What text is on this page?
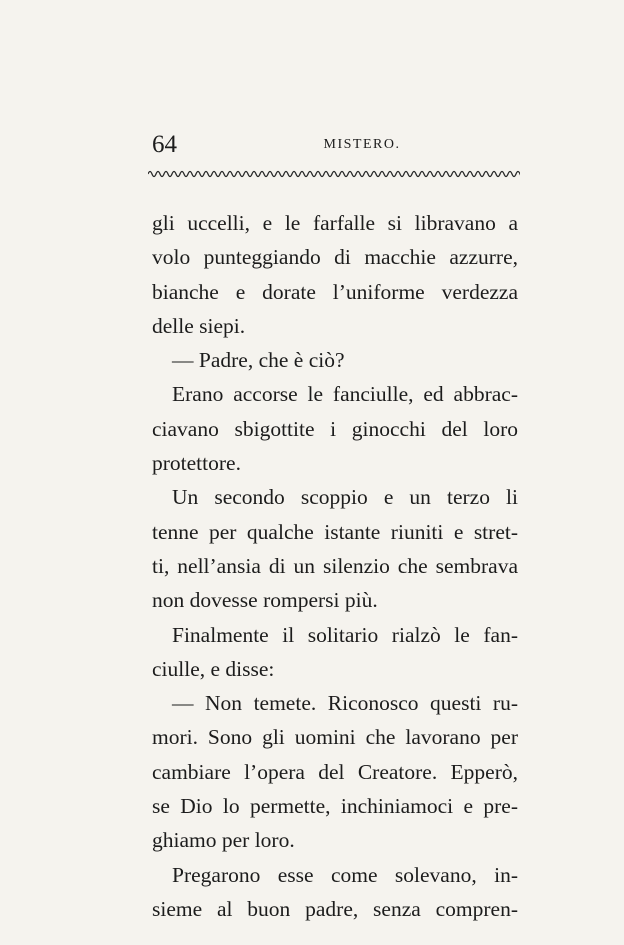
64	MISTERO.
gli uccelli, e le farfalle si libravano a
volo punteggiando di macchie azzurre,
bianche e dorate l’uniforme verdezza
delle siepi.
— Padre, che è ciò?
Erano accorse le fanciulle, ed abbrac-
ciavano sbigottite i ginocchi del loro
protettore.
Un secondo scoppio e un terzo li
tenne per qualche istante riuniti e stret-
ti, nell’ansia di un silenzio che sembrava
non dovesse rompersi più.
Finalmente il solitario rialzò le fan-
ciulle, e disse:
— Non temete. Riconosco questi ru-
mori. Sono gli uomini che lavorano per
cambiare l’opera del Creatore. Epperò,
se Dio lo permette, inchiniamoci e pre-
ghiamo per loro.
Pregarono esse come solevano, in-
sieme al buon padre, senza compren-
